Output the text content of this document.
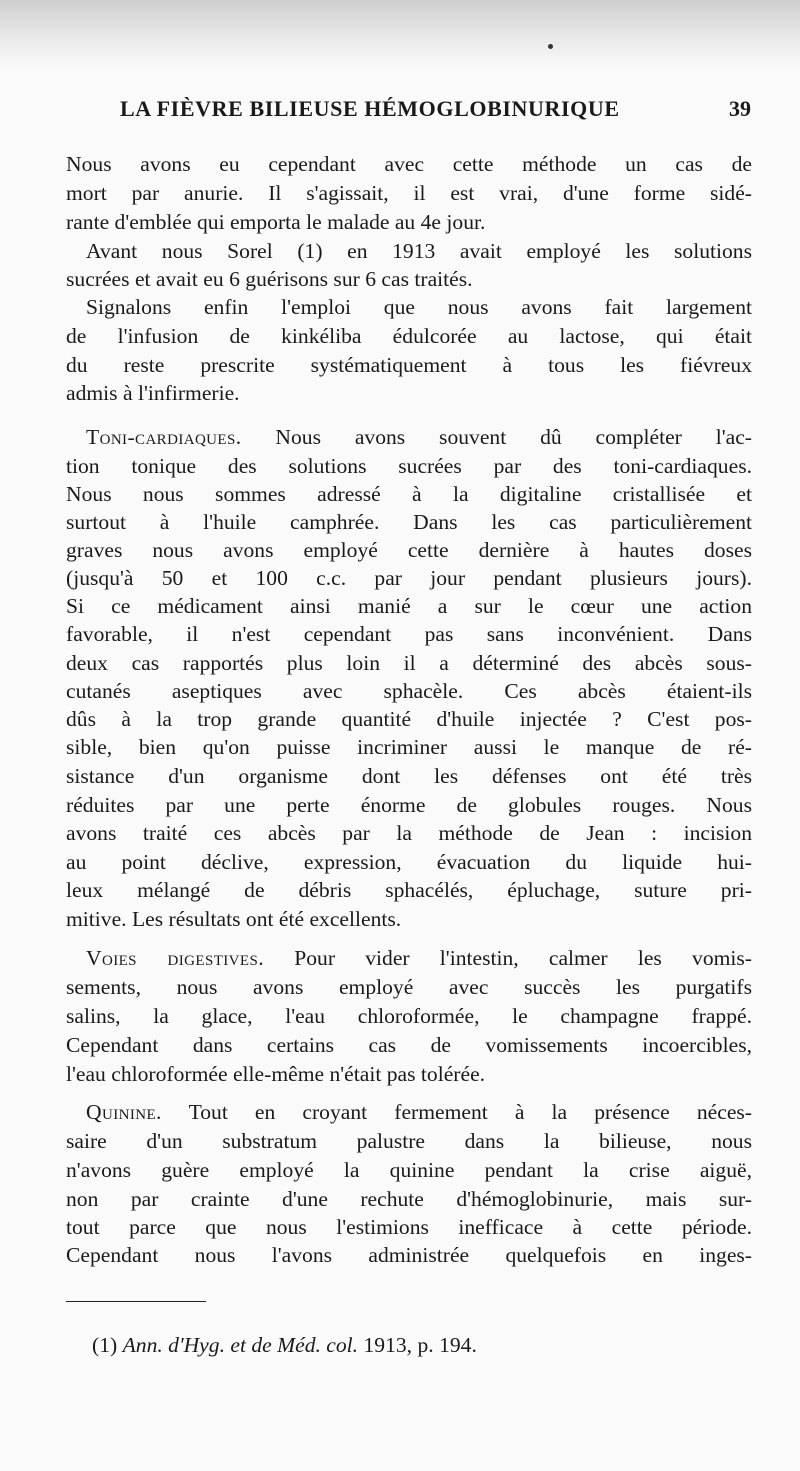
LA FIÈVRE BILIEUSE HÉMOGLOBINURIQUE	39
Nous avons eu cependant avec cette méthode un cas de
mort par anurie. Il s'agissait, il est vrai, d'une forme sidé-
rante d'emblée qui emporta le malade au 4e jour.
Avant nous Sorel (1) en 1913 avait employé les solutions
sucrées et avait eu 6 guérisons sur 6 cas traités.
Signalons enfin l'emploi que nous avons fait largement
de l'infusion de kinkéliba édulcorée au lactose, qui était
du reste prescrite systématiquement à tous les fiévreux
admis à l'infirmerie.
Toni-cardiaques. Nous avons souvent dû compléter l'ac-
tion tonique des solutions sucrées par des toni-cardiaques.
Nous nous sommes adressé à la digitaline cristallisée et
surtout à l'huile camphrée. Dans les cas particulièrement
graves nous avons employé cette dernière à hautes doses
(jusqu'à 50 et 100 c.c. par jour pendant plusieurs jours).
Si ce médicament ainsi manié a sur le cœur une action
favorable, il n'est cependant pas sans inconvénient. Dans
deux cas rapportés plus loin il a déterminé des abcès sous-
cutanés aseptiques avec sphacèle. Ces abcès étaient-ils
dûs à la trop grande quantité d'huile injectée ? C'est pos-
sible, bien qu'on puisse incriminer aussi le manque de ré-
sistance d'un organisme dont les défenses ont été très
réduites par une perte énorme de globules rouges. Nous
avons traité ces abcès par la méthode de Jean : incision
au point déclive, expression, évacuation du liquide hui-
leux mélangé de débris sphacélés, épluchage, suture pri-
mitive. Les résultats ont été excellents.
Voies digestives. Pour vider l'intestin, calmer les vomis-
sements, nous avons employé avec succès les purgatifs
salins, la glace, l'eau chloroformée, le champagne frappé.
Cependant dans certains cas de vomissements incoercibles,
l'eau chloroformée elle-même n'était pas tolérée.
Quinine. Tout en croyant fermement à la présence néces-
saire d'un substratum palustre dans la bilieuse, nous
n'avons guère employé la quinine pendant la crise aiguë,
non par crainte d'une rechute d'hémoglobinurie, mais sur-
tout parce que nous l'estimions inefficace à cette période.
Cependant nous l'avons administrée quelquefois en inges-
(1) Ann. d'Hyg. et de Méd. col. 1913, p. 194.
